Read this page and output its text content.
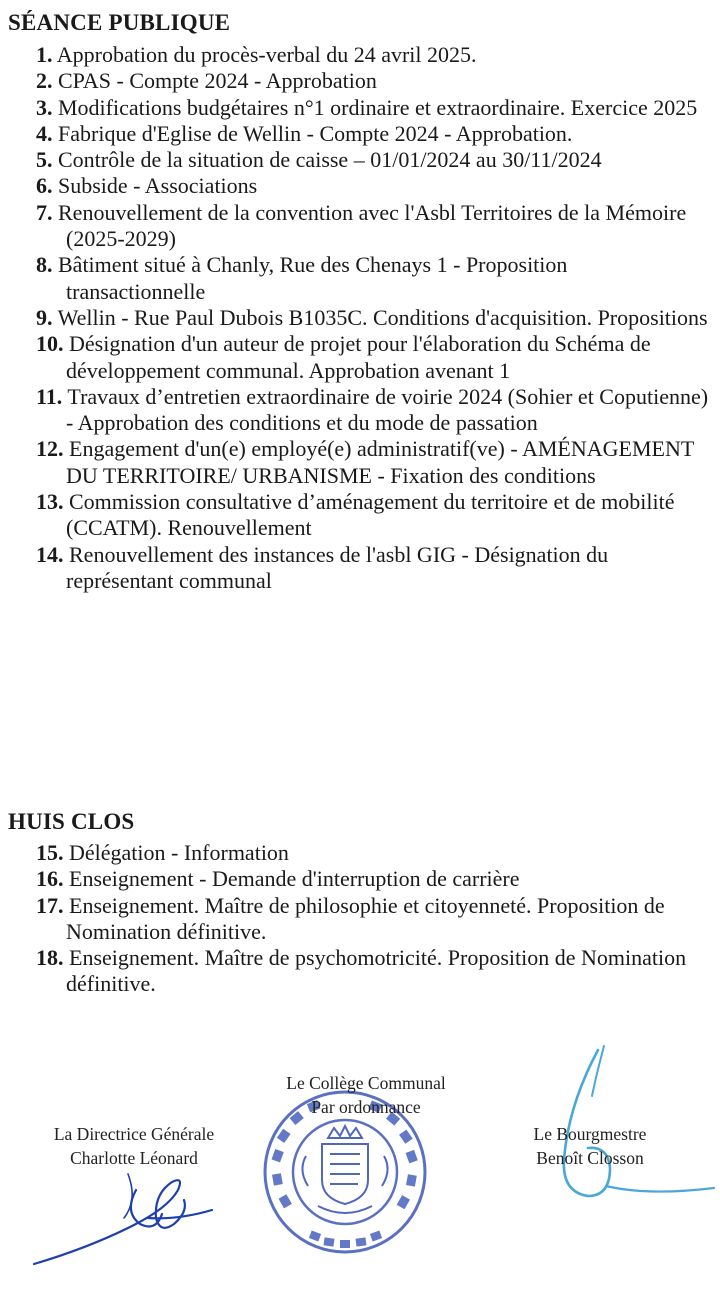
SÉANCE PUBLIQUE

1. Approbation du procès-verbal du 24 avril 2025.

2. CPAS - Compte 2024 - Approbation

3. Modifications budgétaires n°1 ordinaire et extraordinaire. Exercice 2025

4. Fabrique d'Eglise de Wellin - Compte 2024 - Approbation.

5. Contrôle de la situation de caisse – 01/01/2024 au 30/11/2024

6. Subside - Associations

7. Renouvellement de la convention avec l'Asbl Territoires de la Mémoire (2025-2029)

8. Bâtiment situé à Chanly, Rue des Chenays 1 - Proposition transactionnelle

9. Wellin - Rue Paul Dubois B1035C. Conditions d'acquisition. Propositions

10. Désignation d'un auteur de projet pour l'élaboration du Schéma de développement communal. Approbation avenant 1

11. Travaux d’entretien extraordinaire de voirie 2024 (Sohier et Coputienne) - Approbation des conditions et du mode de passation

12. Engagement d'un(e) employé(e) administratif(ve) - AMÉNAGEMENT DU TERRITOIRE/ URBANISME - Fixation des conditions

13. Commission consultative d’aménagement du territoire et de mobilité (CCATM). Renouvellement

14. Renouvellement des instances de l'asbl GIG - Désignation du représentant communal

HUIS CLOS

15. Délégation - Information

16. Enseignement - Demande d'interruption de carrière

17. Enseignement. Maître de philosophie et citoyenneté. Proposition de Nomination définitive.

18. Enseignement. Maître de psychomotricité. Proposition de Nomination définitive.

Le Collège Communal
Par ordonnance
La Directrice Générale
Charlotte Léonard
Le Bourgmestre
Benoît Closson
